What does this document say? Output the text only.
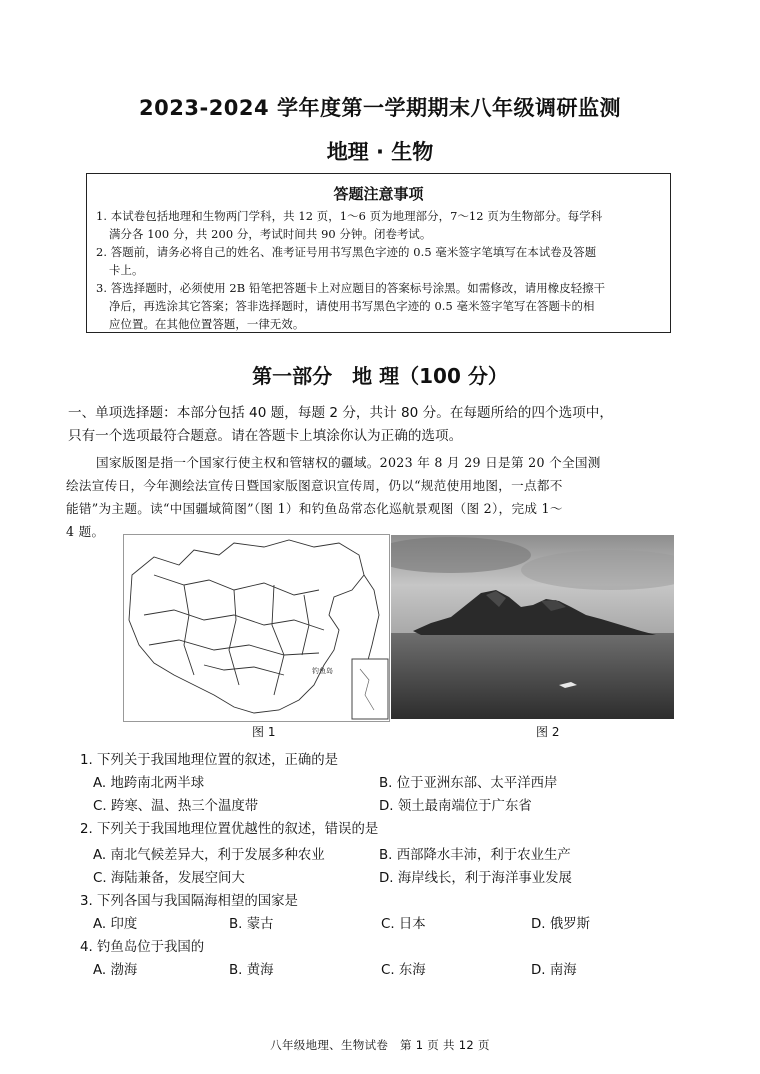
2023-2024 学年度第一学期期末八年级调研监测
地理 · 生物
答题注意事项
1. 本试卷包括地理和生物两门学科，共 12 页，1～6 页为地理部分，7～12 页为生物部分。每学科
满分各 100 分，共 200 分，考试时间共 90 分钟。闭卷考试。
2. 答题前，请务必将自己的姓名、准考证号用书写黑色字迹的 0.5 毫米签字笔填写在本试卷及答题
卡上。
3. 答选择题时，必须使用 2B 铅笔把答题卡上对应题目的答案标号涂黑。如需修改，请用橡皮轻擦干
净后，再选涂其它答案；答非选择题时，请使用书写黑色字迹的 0.5 毫米签字笔写在答题卡的相
应位置。在其他位置答题，一律无效。
第一部分　地 理（100 分）
一、单项选择题：本部分包括 40 题，每题 2 分，共计 80 分。在每题所给的四个选项中，
只有一个选项最符合题意。请在答题卡上填涂你认为正确的选项。
国家版图是指一个国家行使主权和管辖权的疆域。2023 年 8 月 29 日是第 20 个全国测
绘法宣传日，今年测绘法宣传日暨国家版图意识宣传周，仍以“规范使用地图，一点都不
能错”为主题。读“中国疆域简图”（图 1）和钓鱼岛常态化巡航景观图（图 2），完成 1～
4 题。
钓鱼岛
图 1	图 2
1. 下列关于我国地理位置的叙述，正确的是
A. 地跨南北两半球	B. 位于亚洲东部、太平洋西岸
C. 跨寒、温、热三个温度带	D. 领土最南端位于广东省
2. 下列关于我国地理位置优越性的叙述，错误的是
A. 南北气候差异大，利于发展多种农业	B. 西部降水丰沛，利于农业生产
C. 海陆兼备，发展空间大	D. 海岸线长，利于海洋事业发展
3. 下列各国与我国隔海相望的国家是
A. 印度	B. 蒙古	C. 日本	D. 俄罗斯
4. 钓鱼岛位于我国的
A. 渤海	B. 黄海	C. 东海	D. 南海
八年级地理、生物试卷　第 1 页 共 12 页
